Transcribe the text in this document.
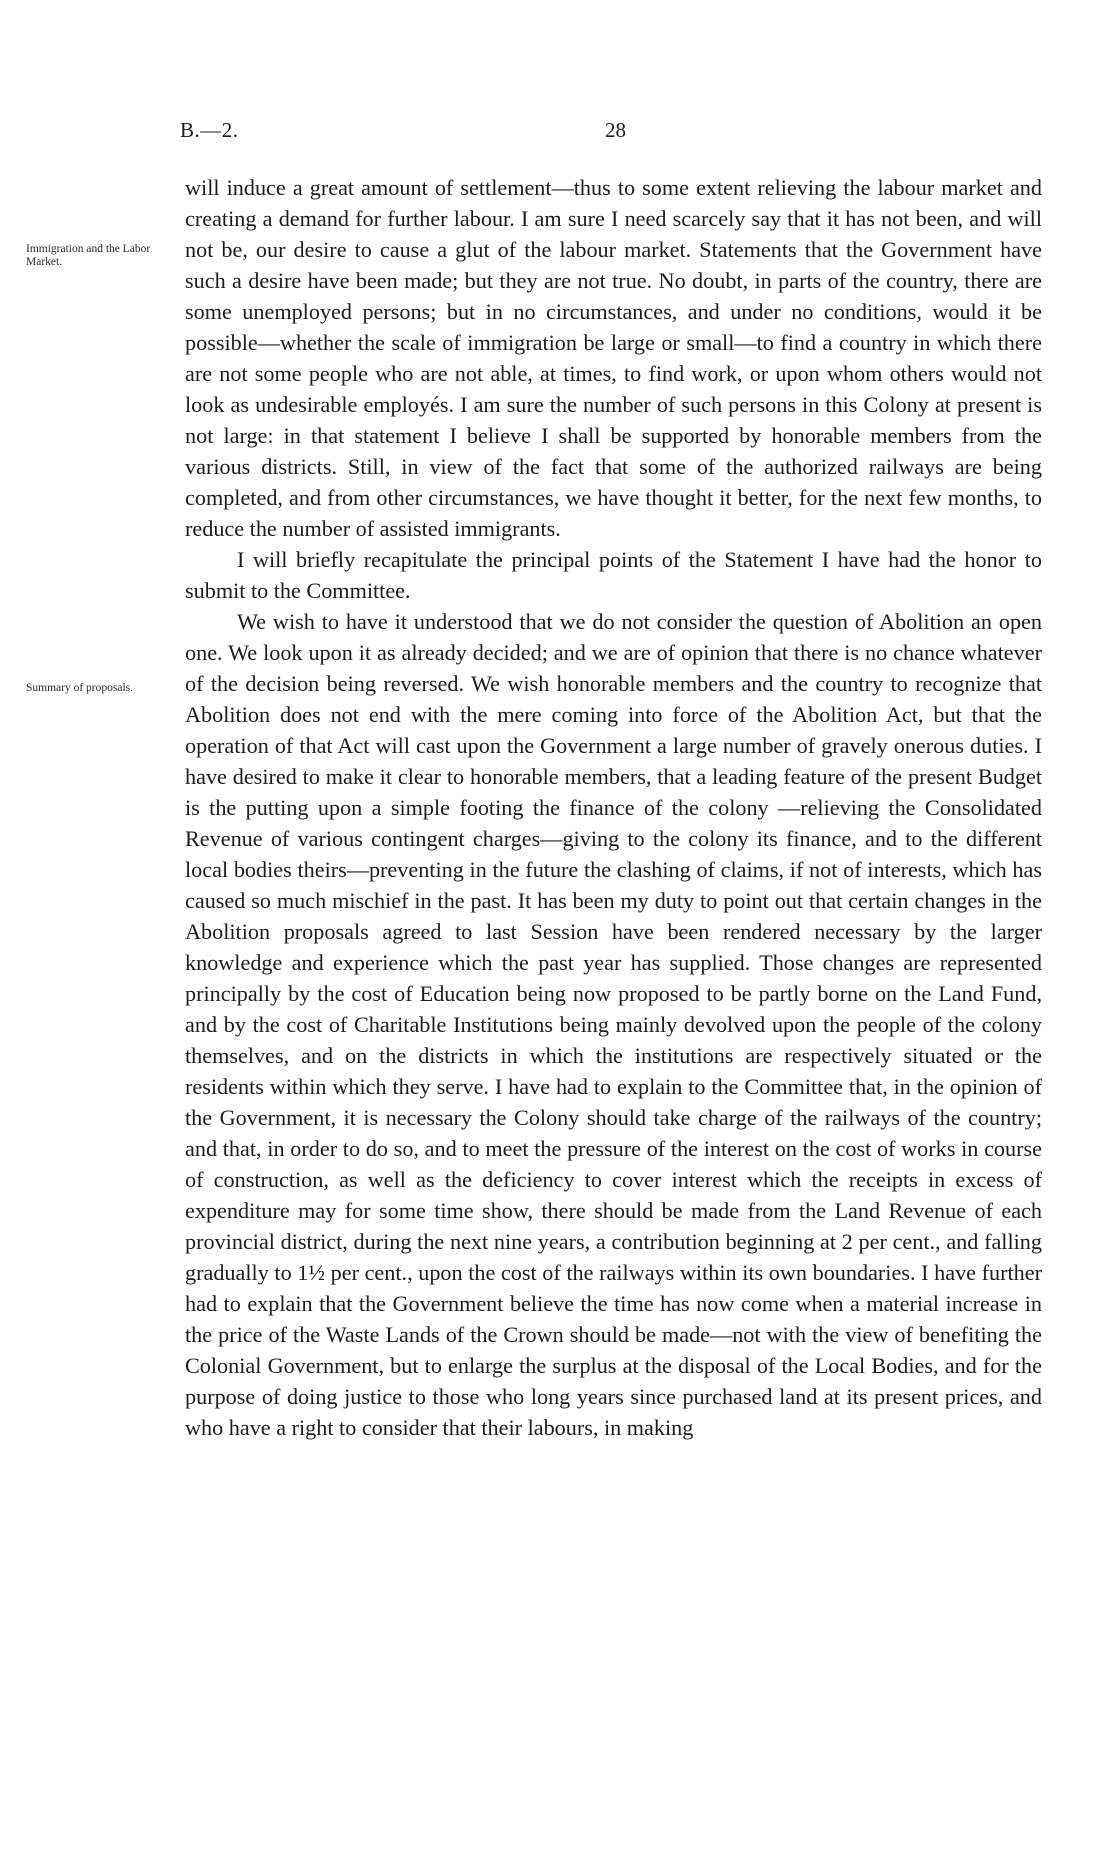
B.—2.	28
Immigration and the Labor Market.
Summary of proposals.

will induce a great amount of settlement—thus to some extent relieving the labour market and creating a demand for further labour. I am sure I need scarcely say that it has not been, and will not be, our desire to cause a glut of the labour market. Statements that the Government have such a desire have been made; but they are not true. No doubt, in parts of the country, there are some unemployed persons; but in no circumstances, and under no conditions, would it be possible—whether the scale of immigration be large or small—to find a country in which there are not some people who are not able, at times, to find work, or upon whom others would not look as undesirable employés. I am sure the number of such persons in this Colony at present is not large: in that statement I believe I shall be supported by honorable members from the various districts. Still, in view of the fact that some of the authorized railways are being completed, and from other circumstances, we have thought it better, for the next few months, to reduce the number of assisted immigrants.

I will briefly recapitulate the principal points of the Statement I have had the honor to submit to the Committee.

We wish to have it understood that we do not consider the question of Abolition an open one. We look upon it as already decided; and we are of opinion that there is no chance whatever of the decision being reversed. We wish honorable members and the country to recognize that Abolition does not end with the mere coming into force of the Abolition Act, but that the operation of that Act will cast upon the Government a large number of gravely onerous duties. I have desired to make it clear to honorable members, that a leading feature of the present Budget is the putting upon a simple footing the finance of the colony —relieving the Consolidated Revenue of various contingent charges—giving to the colony its finance, and to the different local bodies theirs—preventing in the future the clashing of claims, if not of interests, which has caused so much mischief in the past. It has been my duty to point out that certain changes in the Abolition proposals agreed to last Session have been rendered necessary by the larger knowledge and experience which the past year has supplied. Those changes are represented principally by the cost of Education being now proposed to be partly borne on the Land Fund, and by the cost of Charitable Institutions being mainly devolved upon the people of the colony themselves, and on the districts in which the institutions are respectively situated or the residents within which they serve. I have had to explain to the Committee that, in the opinion of the Government, it is necessary the Colony should take charge of the railways of the country; and that, in order to do so, and to meet the pressure of the interest on the cost of works in course of construction, as well as the deficiency to cover interest which the receipts in excess of expenditure may for some time show, there should be made from the Land Revenue of each provincial district, during the next nine years, a contribution beginning at 2 per cent., and falling gradually to 1½ per cent., upon the cost of the railways within its own boundaries. I have further had to explain that the Government believe the time has now come when a material increase in the price of the Waste Lands of the Crown should be made—not with the view of benefiting the Colonial Government, but to enlarge the surplus at the disposal of the Local Bodies, and for the purpose of doing justice to those who long years since purchased land at its present prices, and who have a right to consider that their labours, in making
